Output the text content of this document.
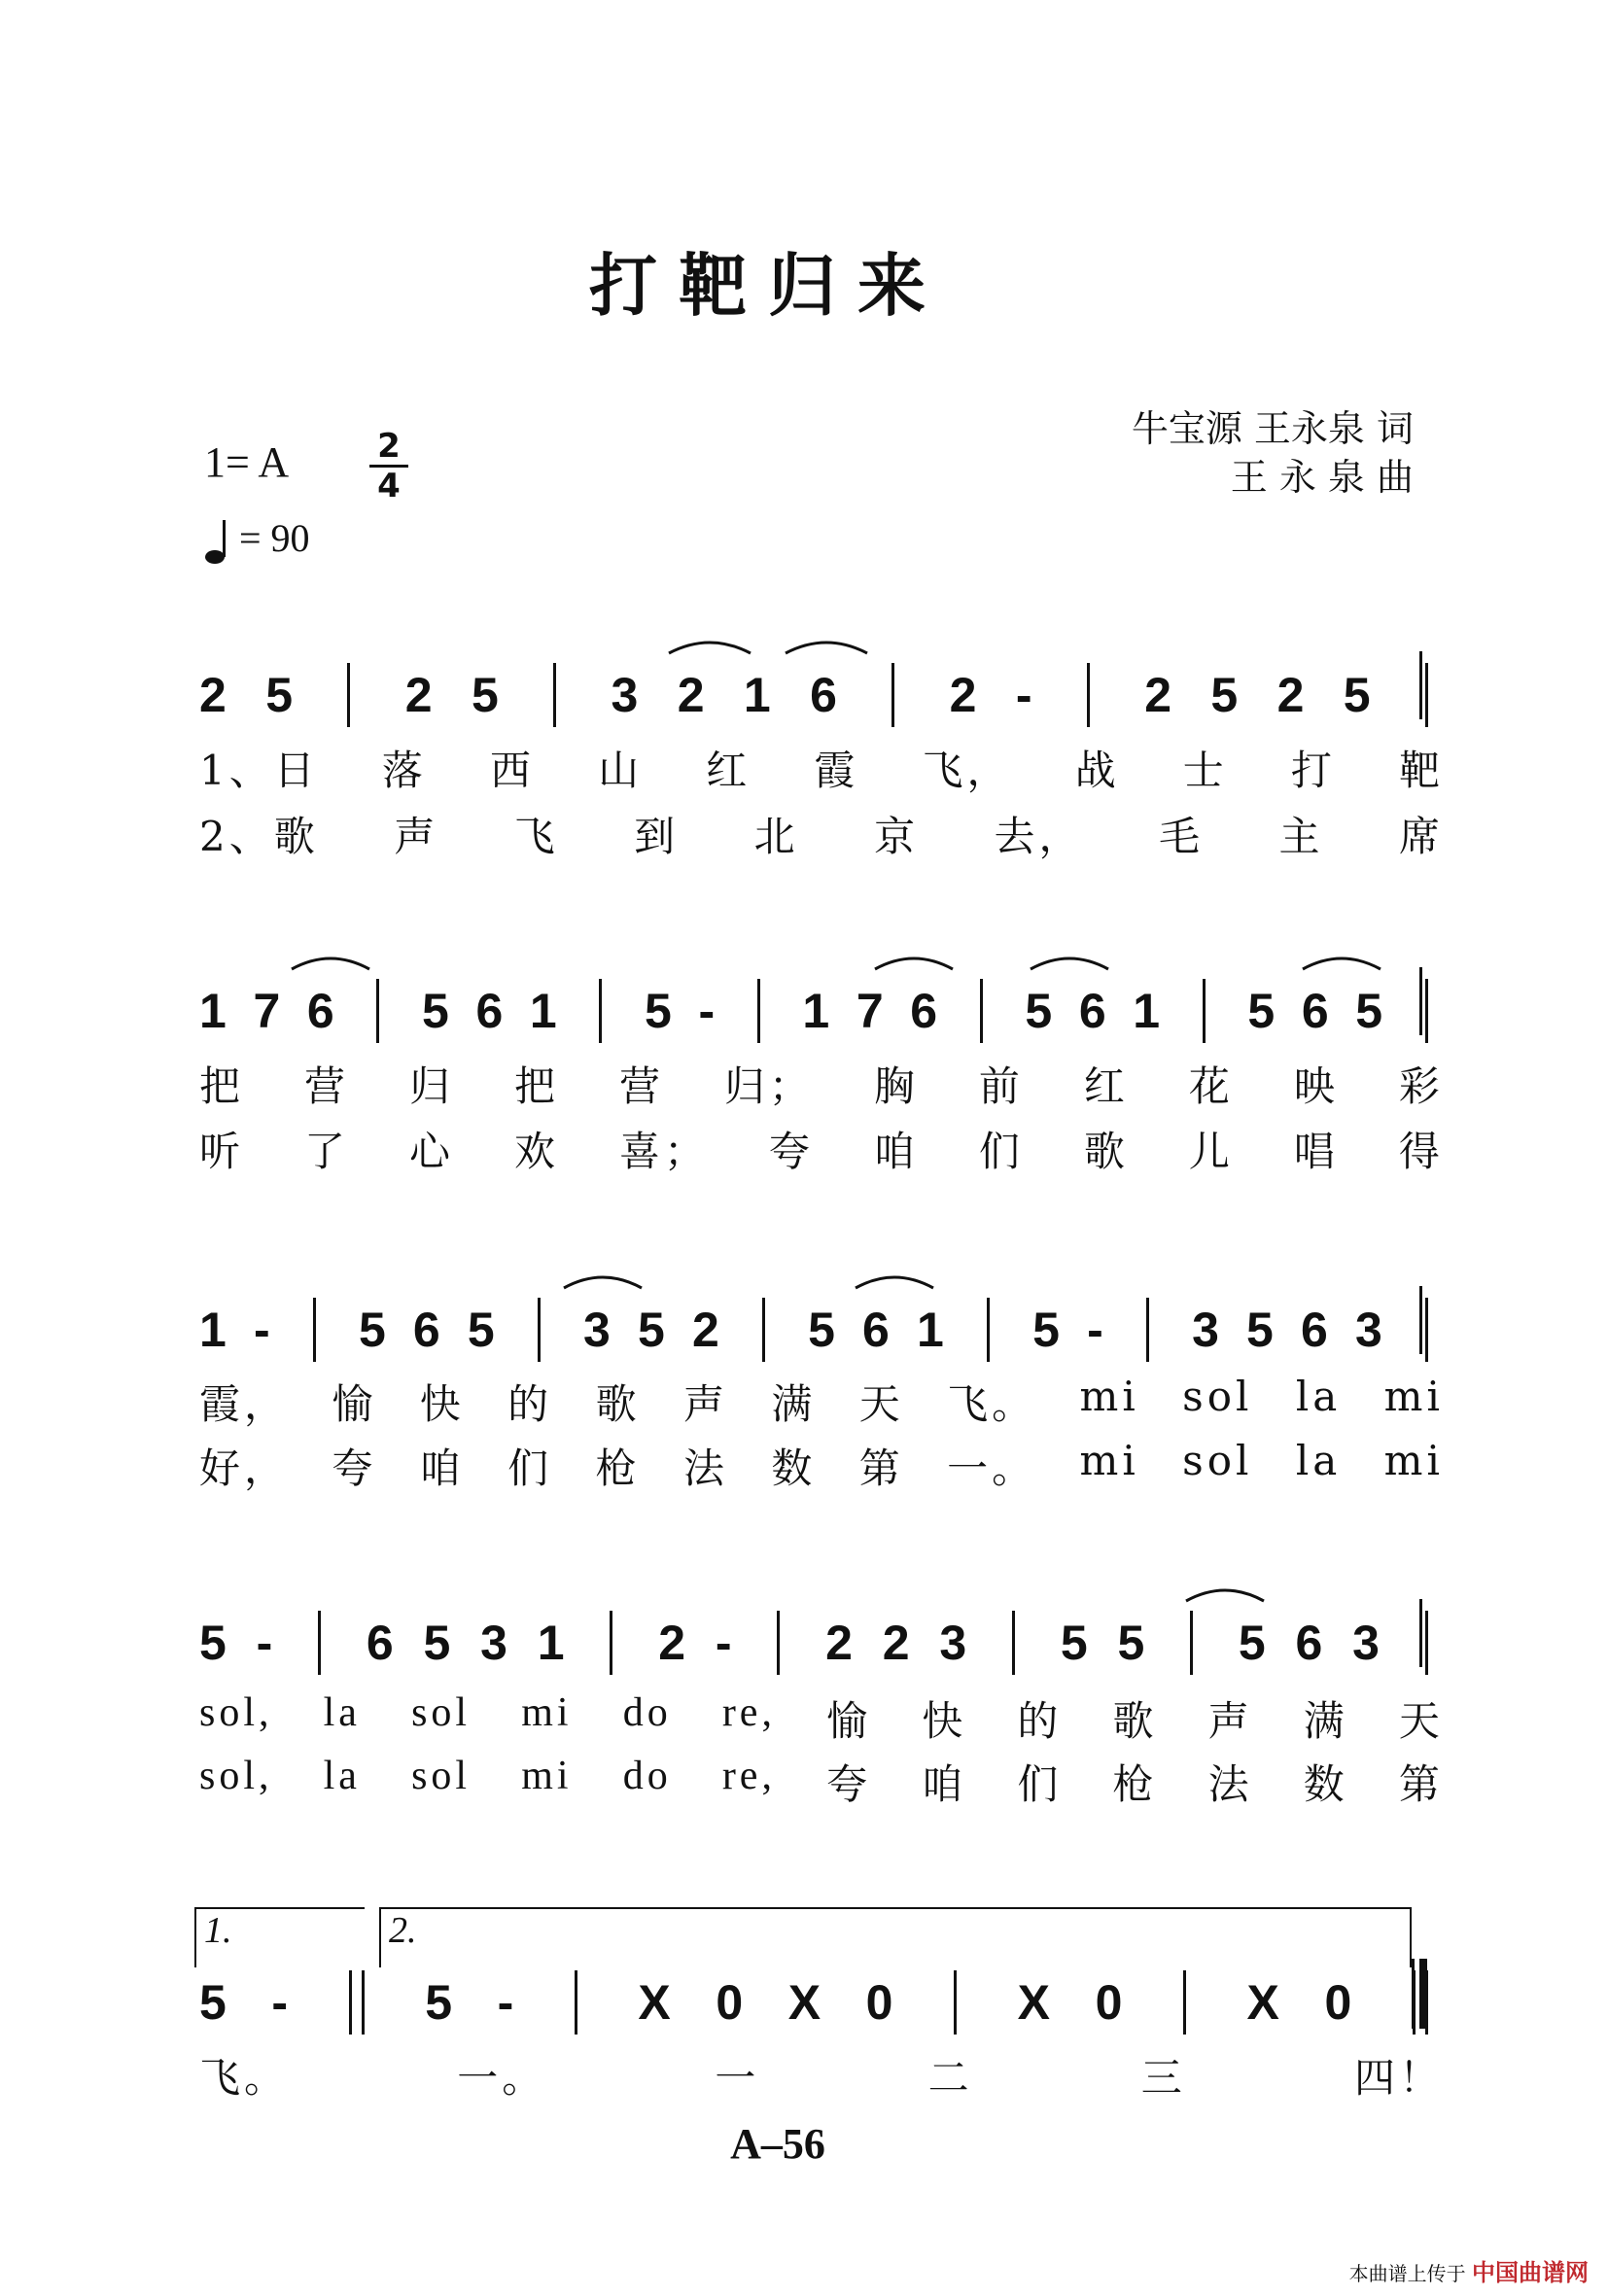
打靶归来
牛宝源 王永泉 词
王 永 泉 曲
1= A	2
4
= 90
2 5 2 5 3 2 1 6 2 - 2 5 2 5
1、日 落 西 山 红 霞 飞， 战 士 打 靶
2、歌 声 飞 到 北 京 去， 毛 主 席
1 7 6 5 6 1 5 - 1 7 6 5 6 1 5 6 5
把 营 归 把 营 归； 胸 前 红 花 映 彩
听 了 心 欢 喜； 夸 咱 们 歌 儿 唱 得
1 - 5 6 5 3 5 2 5 6 1 5 - 3 5 6 3
霞， 愉 快 的 歌 声 满 天 飞。 mi sol la mi
好， 夸 咱 们 枪 法 数 第 一。 mi sol la mi
5 - 6 5 3 1 2 - 2 2 3 5 5 5 6 3
sol, la sol mi do re, 愉 快 的 歌 声 满 天
sol, la sol mi do re, 夸 咱 们 枪 法 数 第
1.	2.
5 -	5 -	X 0 X 0	X 0	X 0
飞。	一。	一	二	三	四！
A–56
本曲谱上传于 中国曲谱网
